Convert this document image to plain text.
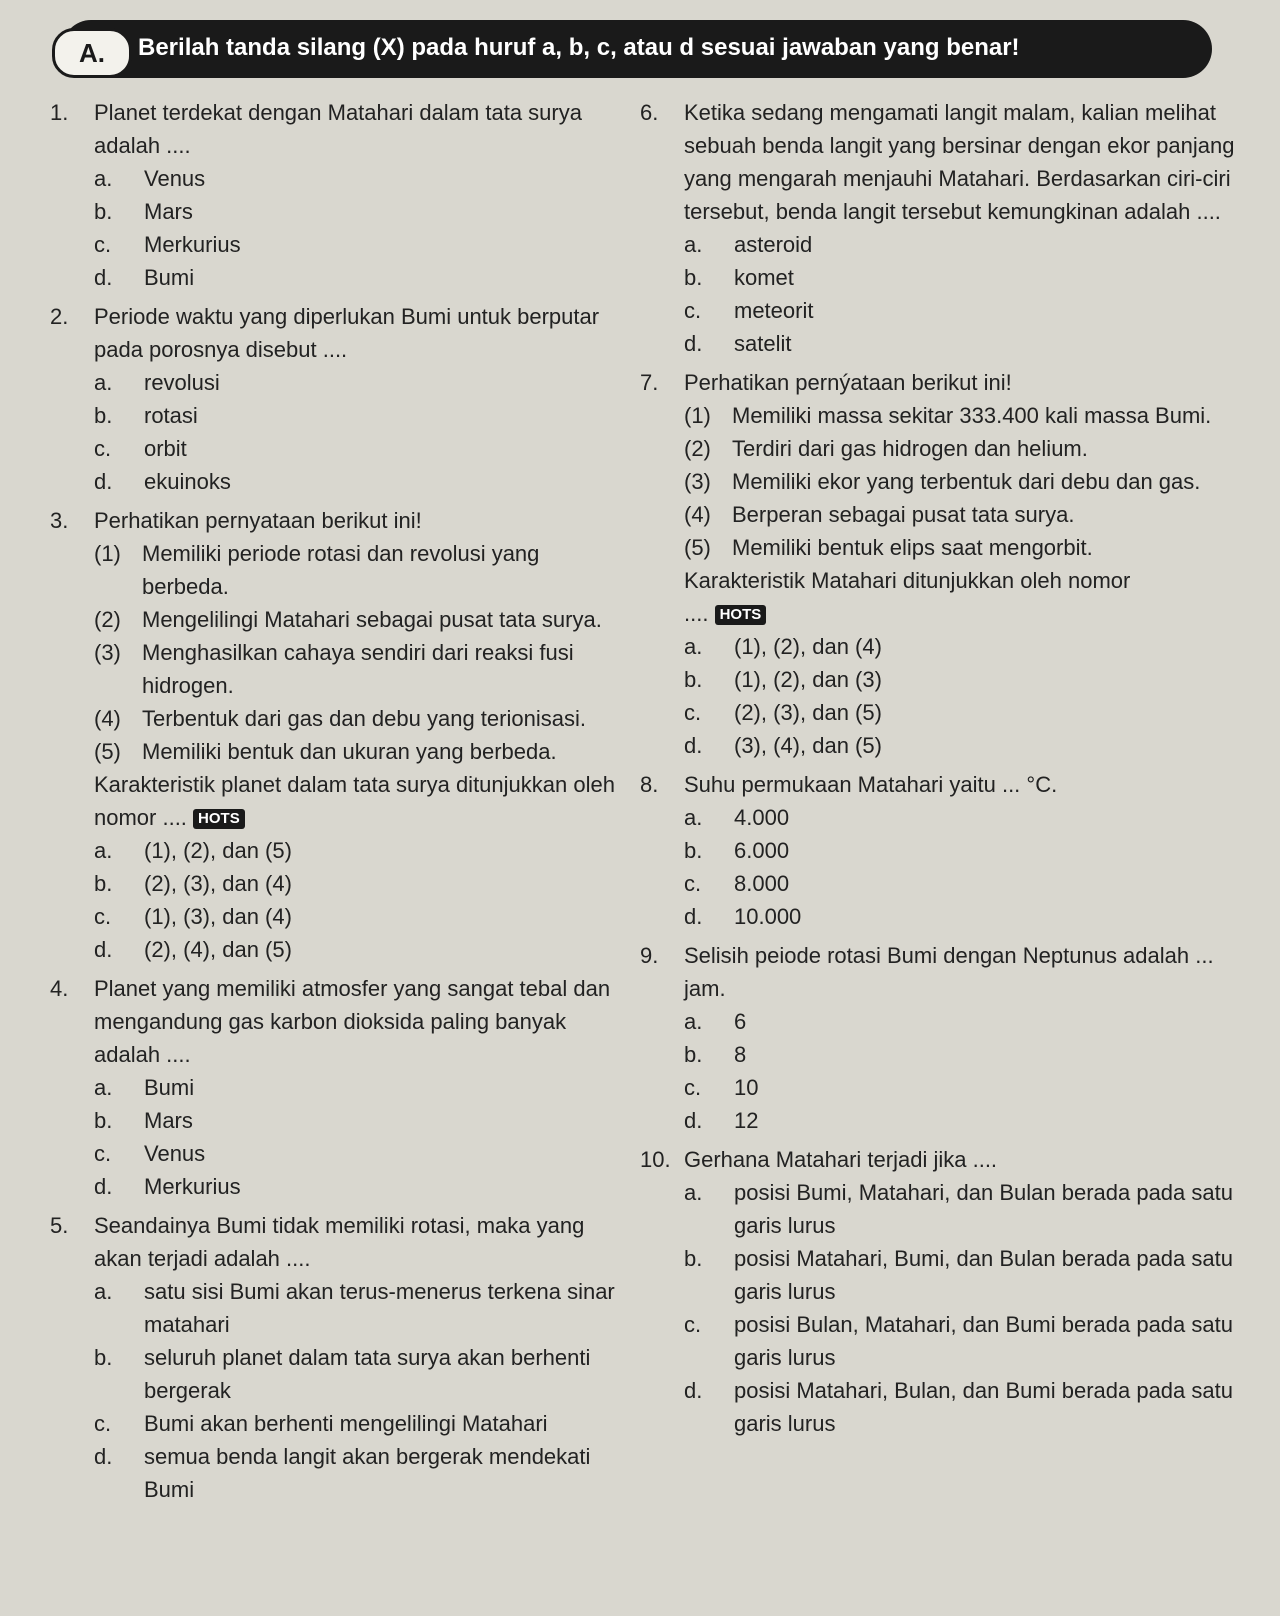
A.	Berilah tanda silang (X) pada huruf a, b, c, atau d sesuai jawaban yang benar!
1.	Planet terdekat dengan Matahari dalam tata surya adalah ....
a.	Venus
b.	Mars
c.	Merkurius
d.	Bumi
2.	Periode waktu yang diperlukan Bumi untuk berputar pada porosnya disebut ....
a.	revolusi
b.	rotasi
c.	orbit
d.	ekuinoks
3.	Perhatikan pernyataan berikut ini!
(1) Memiliki periode rotasi dan revolusi yang berbeda.
(2) Mengelilingi Matahari sebagai pusat tata surya.
(3) Menghasilkan cahaya sendiri dari reaksi fusi hidrogen.
(4) Terbentuk dari gas dan debu yang terionisasi.
(5) Memiliki bentuk dan ukuran yang berbeda.
Karakteristik planet dalam tata surya ditunjukkan oleh nomor .... HOTS
a.	(1), (2), dan (5)
b.	(2), (3), dan (4)
c.	(1), (3), dan (4)
d.	(2), (4), dan (5)
4.	Planet yang memiliki atmosfer yang sangat tebal dan mengandung gas karbon dioksida paling banyak adalah ....
a.	Bumi
b.	Mars
c.	Venus
d.	Merkurius
5.	Seandainya Bumi tidak memiliki rotasi, maka yang akan terjadi adalah ....
a.	satu sisi Bumi akan terus-menerus terkena sinar matahari
b.	seluruh planet dalam tata surya akan berhenti bergerak
c.	Bumi akan berhenti mengelilingi Matahari
d.	semua benda langit akan bergerak mendekati Bumi
6.	Ketika sedang mengamati langit malam, kalian melihat sebuah benda langit yang bersinar dengan ekor panjang yang mengarah menjauhi Matahari. Berdasarkan ciri-ciri tersebut, benda langit tersebut kemungkinan adalah ....
a.	asteroid
b.	komet
c.	meteorit
d.	satelit
7.	Perhatikan pernýataan berikut ini!
(1) Memiliki massa sekitar 333.400 kali massa Bumi.
(2) Terdiri dari gas hidrogen dan helium.
(3) Memiliki ekor yang terbentuk dari debu dan gas.
(4) Berperan sebagai pusat tata surya.
(5) Memiliki bentuk elips saat mengorbit.
Karakteristik Matahari ditunjukkan oleh nomor
.... HOTS
a.	(1), (2), dan (4)
b.	(1), (2), dan (3)
c.	(2), (3), dan (5)
d.	(3), (4), dan (5)
8.	Suhu permukaan Matahari yaitu ... °C.
a.	4.000
b.	6.000
c.	8.000
d.	10.000
9.	Selisih peiode rotasi Bumi dengan Neptunus adalah ... jam.
a.	6
b.	8
c.	10
d.	12
10. Gerhana Matahari terjadi jika ....
a.	posisi Bumi, Matahari, dan Bulan berada pada satu garis lurus
b.	posisi Matahari, Bumi, dan Bulan berada pada satu garis lurus
c.	posisi Bulan, Matahari, dan Bumi berada pada satu garis lurus
d.	posisi Matahari, Bulan, dan Bumi berada pada satu garis lurus
